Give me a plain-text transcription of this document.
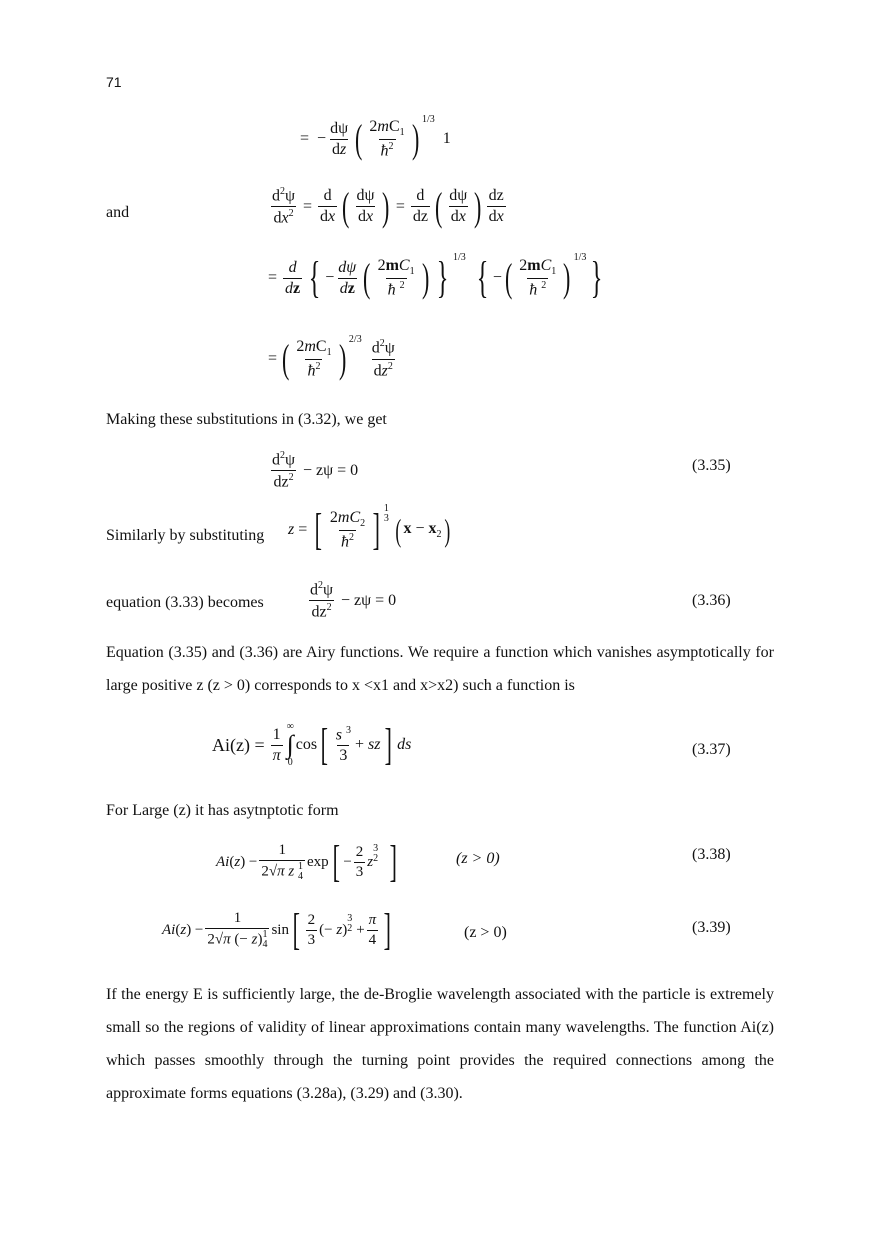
71
= − $\frac{d\psi}{dz}$ ( $\frac{2mC_1}{ħ^2}$ ) 1/3
1
and	$\frac{d^2\psi}{dx^2} = \frac{d}{dx}$ ( $\frac{d\psi}{dx}$ ) = $\frac{d}{dz}$ ( $\frac{d\psi}{dx}$ ) $\frac{dz}{dx}$
= $\frac{d}{dz}$ { − $\frac{d\psi}{dz}$ ( $\frac{2mC_1}{ħ ^2}$ ) } 1/3 { − ( $\frac{2mC_1}{ħ ^2}$ ) 1/3 }
= ( $\frac{2mC_1}{ħ^2}$ ) $2/3 \frac{d^2\psi}{dz^2}$
Making these substitutions in (3.32), we get
$\frac{d^2\psi}{dz^2} - z\psi = 0$	(3.35)
Similarly by substituting z = [ $\frac{2mC_2}{ħ^2}$ ] 1
3 ( $x - x_2$ )
equation (3.33) becomes	$\frac{d^2\psi}{dz^2} - z\psi = 0$	(3.36)
Equation (3.35) and (3.36) are Airy functions. We require a function which vanishes asymptotically for large positive z (z > 0) corresponds to x <x1 and x>x2) such a function is
$Ai(z) = \frac{1}{\pi}$ ∞
∫
0
cos [ $\frac{s ^3}{3}$ + sz ] ds	(3.37)
For Large (z) it has asytnptotic form
Ai ( z ) − 1
2√π z 1
4 exp [ − $\frac{2}{3}$ z
3
2 ]	(z > 0)	(3.38)
Ai ( z ) − 1
2√π (− z) 1
4 sin [ $\frac{2}{3}$ (− z)
3
$2 + \frac{\pi}{4}$ ]	(z > 0)	(3.39)
If the energy E is sufficiently large, the de-Broglie wavelength associated with the particle is extremely small so the regions of validity of linear approximations contain many wavelengths. The function Ai(z) which passes smoothly through the turning point provides the required connections among the approximate forms equations (3.28a), (3.29) and (3.30).
